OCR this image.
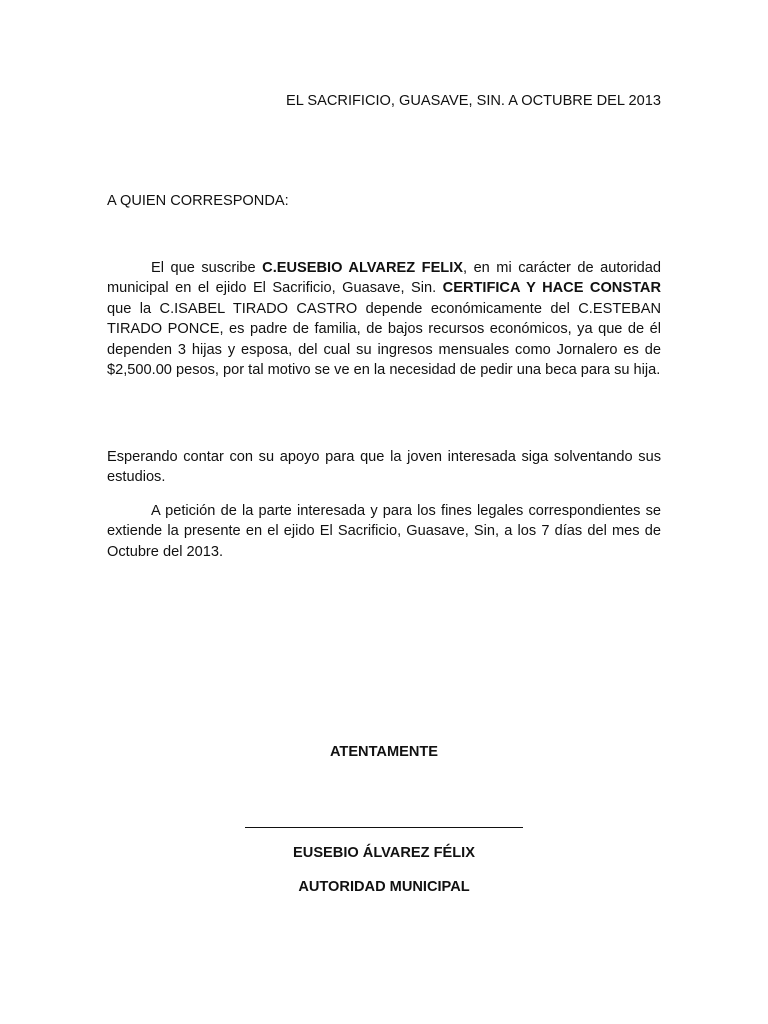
EL SACRIFICIO, GUASAVE, SIN. A OCTUBRE DEL 2013
A QUIEN CORRESPONDA:

El que suscribe C.EUSEBIO ALVAREZ FELIX, en mi carácter de autoridad municipal en el ejido El Sacrificio, Guasave, Sin. CERTIFICA Y HACE CONSTAR que la C.ISABEL TIRADO CASTRO depende económicamente del C.ESTEBAN TIRADO PONCE, es padre de familia, de bajos recursos económicos, ya que de él dependen 3 hijas y esposa, del cual su ingresos mensuales como Jornalero es de $2,500.00 pesos, por tal motivo se ve en la necesidad de pedir una beca para su hija.

Esperando contar con su apoyo para que la joven interesada siga solventando sus estudios.

A petición de la parte interesada y para los fines legales correspondientes se extiende la presente en el ejido El Sacrificio, Guasave, Sin, a los 7 días del mes de Octubre del 2013.

ATENTAMENTE
EUSEBIO ÁLVAREZ FÉLIX
AUTORIDAD MUNICIPAL
